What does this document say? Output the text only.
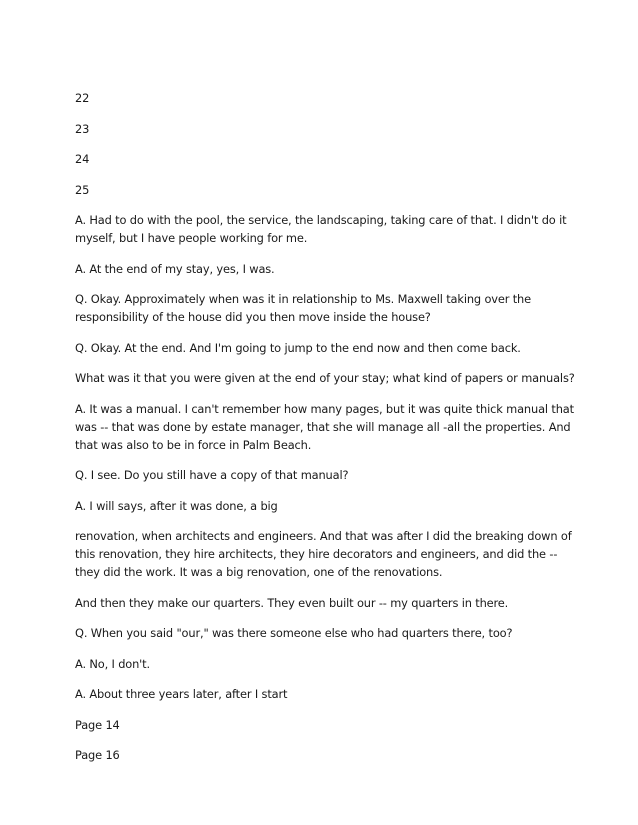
22

23

24

25

A. Had to do with the pool, the service, the landscaping, taking care of that. I didn't do it myself, but I have people working for me.

A. At the end of my stay, yes, I was.

Q. Okay. Approximately when was it in relationship to Ms. Maxwell taking over the responsibility of the house did you then move inside the house?

Q. Okay. At the end. And I'm going to jump to the end now and then come back.

What was it that you were given at the end of your stay; what kind of papers or manuals?

A. It was a manual. I can't remember how many pages, but it was quite thick manual that was -- that was done by estate manager, that she will manage all -all the properties. And that was also to be in force in Palm Beach.

Q. I see. Do you still have a copy of that manual?

A. I will says, after it was done, a big

renovation, when architects and engineers. And that was after I did the breaking down of this renovation, they hire architects, they hire decorators and engineers, and did the -- they did the work. It was a big renovation, one of the renovations.

And then they make our quarters. They even built our -- my quarters in there.

Q. When you said "our," was there someone else who had quarters there, too?

A. No, I don't.

A. About three years later, after I start

Page 14

Page 16
